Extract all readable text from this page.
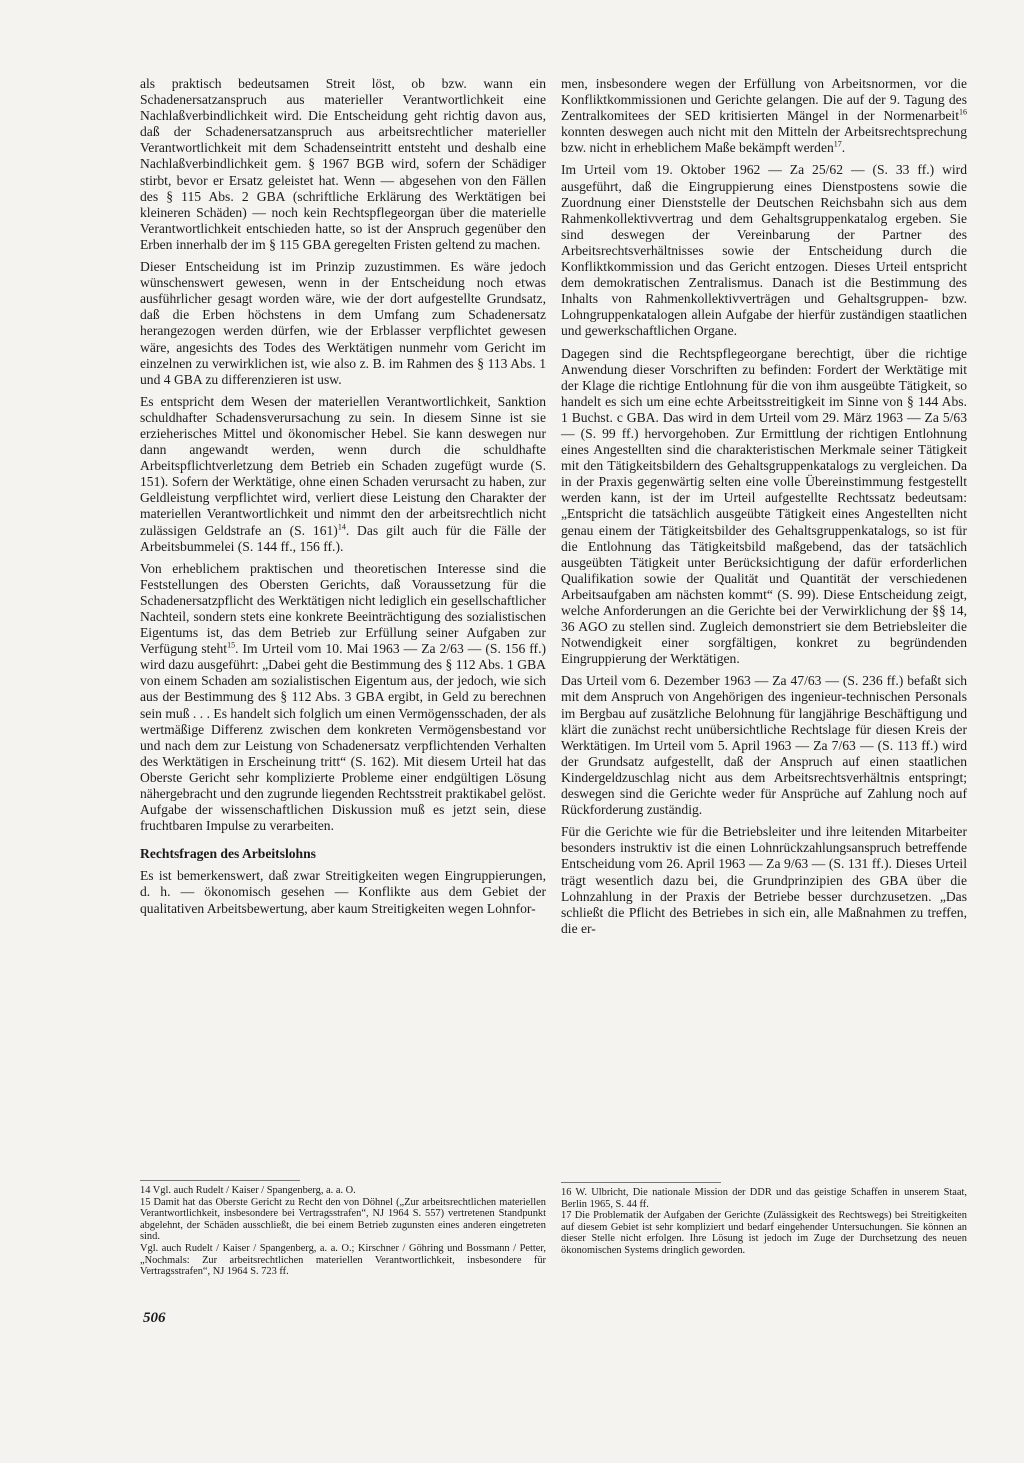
als praktisch bedeutsamen Streit löst, ob bzw. wann ein Schadenersatzanspruch aus materieller Verantwortlichkeit eine Nachlaßverbindlichkeit wird. Die Entscheidung geht richtig davon aus, daß der Schadenersatzanspruch aus arbeitsrechtlicher materieller Verantwortlichkeit mit dem Schadenseintritt entsteht und deshalb eine Nachlaßverbindlichkeit gem. § 1967 BGB wird, sofern der Schädiger stirbt, bevor er Ersatz geleistet hat. Wenn — abgesehen von den Fällen des § 115 Abs. 2 GBA (schriftliche Erklärung des Werktätigen bei kleineren Schäden) — noch kein Rechtspflegeorgan über die materielle Verantwortlichkeit entschieden hatte, so ist der Anspruch gegenüber den Erben innerhalb der im § 115 GBA geregelten Fristen geltend zu machen.

Dieser Entscheidung ist im Prinzip zuzustimmen. Es wäre jedoch wünschenswert gewesen, wenn in der Entscheidung noch etwas ausführlicher gesagt worden wäre, wie der dort aufgestellte Grundsatz, daß die Erben höchstens in dem Umfang zum Schadenersatz herangezogen werden dürfen, wie der Erblasser verpflichtet gewesen wäre, angesichts des Todes des Werktätigen nunmehr vom Gericht im einzelnen zu verwirklichen ist, wie also z. B. im Rahmen des § 113 Abs. 1 und 4 GBA zu differenzieren ist usw.

Es entspricht dem Wesen der materiellen Verantwortlichkeit, Sanktion schuldhafter Schadensverursachung zu sein. In diesem Sinne ist sie erzieherisches Mittel und ökonomischer Hebel. Sie kann deswegen nur dann angewandt werden, wenn durch die schuldhafte Arbeitspflichtverletzung dem Betrieb ein Schaden zugefügt wurde (S. 151). Sofern der Werktätige, ohne einen Schaden verursacht zu haben, zur Geldleistung verpflichtet wird, verliert diese Leistung den Charakter der materiellen Verantwortlichkeit und nimmt den der arbeitsrechtlich nicht zulässigen Geldstrafe an (S. 161)$^{14}$. Das gilt auch für die Fälle der Arbeitsbummelei (S. 144 ff., 156 ff.).

Von erheblichem praktischen und theoretischen Interesse sind die Feststellungen des Obersten Gerichts, daß Voraussetzung für die Schadenersatzpflicht des Werktätigen nicht lediglich ein gesellschaftlicher Nachteil, sondern stets eine konkrete Beeinträchtigung des sozialistischen Eigentums ist, das dem Betrieb zur Erfüllung seiner Aufgaben zur Verfügung steht$^{15}$. Im Urteil vom 10. Mai 1963 — Za 2/63 — (S. 156 ff.) wird dazu ausgeführt: „Dabei geht die Bestimmung des § 112 Abs. 1 GBA von einem Schaden am sozialistischen Eigentum aus, der jedoch, wie sich aus der Bestimmung des § 112 Abs. 3 GBA ergibt, in Geld zu berechnen sein muß . . . Es handelt sich folglich um einen Vermögensschaden, der als wertmäßige Differenz zwischen dem konkreten Vermögensbestand vor und nach dem zur Leistung von Schadenersatz verpflichtenden Verhalten des Werktätigen in Erscheinung tritt“ (S. 162). Mit diesem Urteil hat das Oberste Gericht sehr komplizierte Probleme einer endgültigen Lösung nähergebracht und den zugrunde liegenden Rechtsstreit praktikabel gelöst. Aufgabe der wissenschaftlichen Diskussion muß es jetzt sein, diese fruchtbaren Impulse zu verarbeiten.

Rechtsfragen des Arbeitslohns

Es ist bemerkenswert, daß zwar Streitigkeiten wegen Eingruppierungen, d. h. — ökonomisch gesehen — Konflikte aus dem Gebiet der qualitativen Arbeitsbewertung, aber kaum Streitigkeiten wegen Lohnfor-

men, insbesondere wegen der Erfüllung von Arbeitsnormen, vor die Konfliktkommissionen und Gerichte gelangen. Die auf der 9. Tagung des Zentralkomitees der SED kritisierten Mängel in der Normenarbeit$^{16}$ konnten deswegen auch nicht mit den Mitteln der Arbeitsrechtsprechung bzw. nicht in erheblichem Maße bekämpft werden$^{17}$.

Im Urteil vom 19. Oktober 1962 — Za 25/62 — (S. 33 ff.) wird ausgeführt, daß die Eingruppierung eines Dienstpostens sowie die Zuordnung einer Dienststelle der Deutschen Reichsbahn sich aus dem Rahmenkollektivvertrag und dem Gehaltsgruppenkatalog ergeben. Sie sind deswegen der Vereinbarung der Partner des Arbeitsrechtsverhältnisses sowie der Entscheidung durch die Konfliktkommission und das Gericht entzogen. Dieses Urteil entspricht dem demokratischen Zentralismus. Danach ist die Bestimmung des Inhalts von Rahmenkollektivverträgen und Gehaltsgruppen- bzw. Lohngruppenkatalogen allein Aufgabe der hierfür zuständigen staatlichen und gewerkschaftlichen Organe.

Dagegen sind die Rechtspflegeorgane berechtigt, über die richtige Anwendung dieser Vorschriften zu befinden: Fordert der Werktätige mit der Klage die richtige Entlohnung für die von ihm ausgeübte Tätigkeit, so handelt es sich um eine echte Arbeitsstreitigkeit im Sinne von § 144 Abs. 1 Buchst. c GBA. Das wird in dem Urteil vom 29. März 1963 — Za 5/63 — (S. 99 ff.) hervorgehoben. Zur Ermittlung der richtigen Entlohnung eines Angestellten sind die charakteristischen Merkmale seiner Tätigkeit mit den Tätigkeitsbildern des Gehaltsgruppenkatalogs zu vergleichen. Da in der Praxis gegenwärtig selten eine volle Übereinstimmung festgestellt werden kann, ist der im Urteil aufgestellte Rechtssatz bedeutsam: „Entspricht die tatsächlich ausgeübte Tätigkeit eines Angestellten nicht genau einem der Tätigkeitsbilder des Gehaltsgruppenkatalogs, so ist für die Entlohnung das Tätigkeitsbild maßgebend, das der tatsächlich ausgeübten Tätigkeit unter Berücksichtigung der dafür erforderlichen Qualifikation sowie der Qualität und Quantität der verschiedenen Arbeitsaufgaben am nächsten kommt“ (S. 99). Diese Entscheidung zeigt, welche Anforderungen an die Gerichte bei der Verwirklichung der §§ 14, 36 AGO zu stellen sind. Zugleich demonstriert sie dem Betriebsleiter die Notwendigkeit einer sorgfältigen, konkret zu begründenden Eingruppierung der Werktätigen.

Das Urteil vom 6. Dezember 1963 — Za 47/63 — (S. 236 ff.) befaßt sich mit dem Anspruch von Angehörigen des ingenieur-technischen Personals im Bergbau auf zusätzliche Belohnung für langjährige Beschäftigung und klärt die zunächst recht unübersichtliche Rechtslage für diesen Kreis der Werktätigen. Im Urteil vom 5. April 1963 — Za 7/63 — (S. 113 ff.) wird der Grundsatz aufgestellt, daß der Anspruch auf einen staatlichen Kindergeldzuschlag nicht aus dem Arbeitsrechtsverhältnis entspringt; deswegen sind die Gerichte weder für Ansprüche auf Zahlung noch auf Rückforderung zuständig.

Für die Gerichte wie für die Betriebsleiter und ihre leitenden Mitarbeiter besonders instruktiv ist die einen Lohnrückzahlungsanspruch betreffende Entscheidung vom 26. April 1963 — Za 9/63 — (S. 131 ff.). Dieses Urteil trägt wesentlich dazu bei, die Grundprinzipien des GBA über die Lohnzahlung in der Praxis der Betriebe besser durchzusetzen. „Das schließt die Pflicht des Betriebes in sich ein, alle Maßnahmen zu treffen, die er-

14 Vgl. auch Rudelt / Kaiser / Spangenberg, a. a. O.

15 Damit hat das Oberste Gericht zu Recht den von Döhnel („Zur arbeitsrechtlichen materiellen Verantwortlichkeit, insbesondere bei Vertragsstrafen“, NJ 1964 S. 557) vertretenen Standpunkt abgelehnt, der Schäden ausschließt, die bei einem Betrieb zugunsten eines anderen eingetreten sind.

Vgl. auch Rudelt / Kaiser / Spangenberg, a. a. O.; Kirschner / Göhring und Bossmann / Petter, „Nochmals: Zur arbeitsrechtlichen materiellen Verantwortlichkeit, insbesondere für Vertragsstrafen“, NJ 1964 S. 723 ff.

16 W. Ulbricht, Die nationale Mission der DDR und das geistige Schaffen in unserem Staat, Berlin 1965, S. 44 ff.

17 Die Problematik der Aufgaben der Gerichte (Zulässigkeit des Rechtswegs) bei Streitigkeiten auf diesem Gebiet ist sehr kompliziert und bedarf eingehender Untersuchungen. Sie können an dieser Stelle nicht erfolgen. Ihre Lösung ist jedoch im Zuge der Durchsetzung des neuen ökonomischen Systems dringlich geworden.

506
